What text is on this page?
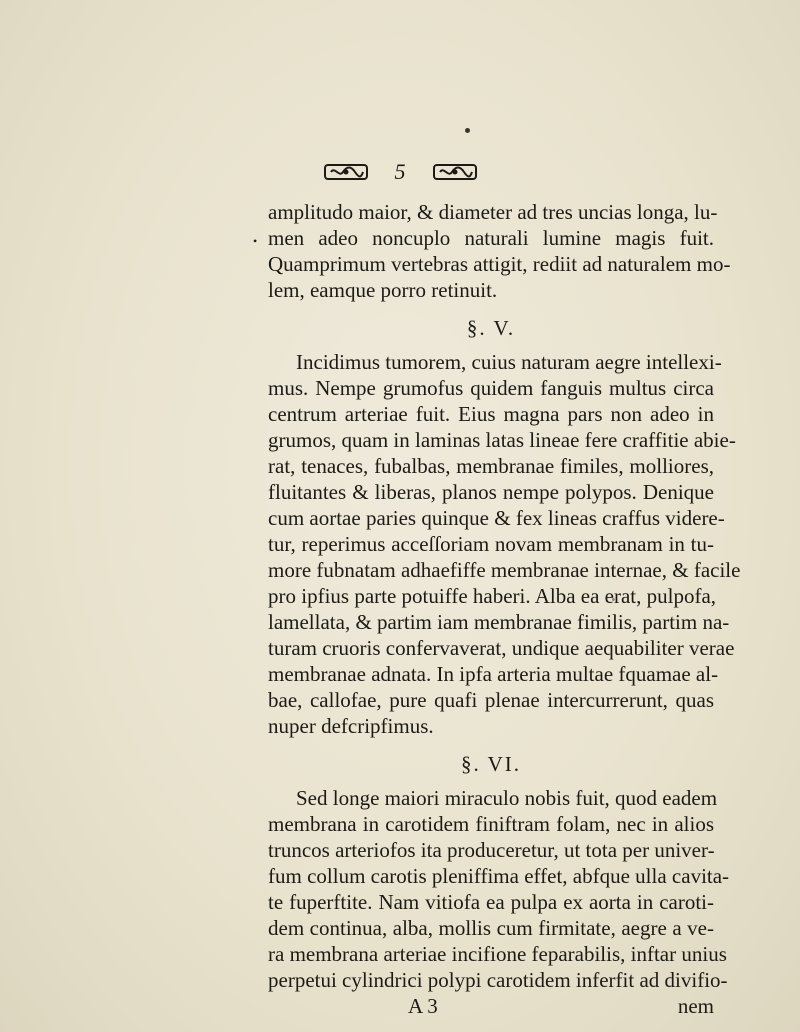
5
•
amplitudo maior, & diameter ad tres uncias longa, lu-
men adeo noncuplo naturali lumine magis fuit.
Quamprimum vertebras attigit, rediit ad naturalem mo-
lem, eamque porro retinuit.
§. V.
Incidimus tumorem, cuius naturam aegre intellexi-
mus. Nempe grumofus quidem fanguis multus circa
centrum arteriae fuit. Eius magna pars non adeo in
grumos, quam in laminas latas lineae fere craffitie abie-
rat, tenaces, fubalbas, membranae fimiles, molliores,
fluitantes & liberas, planos nempe polypos. Denique
cum aortae paries quinque & fex lineas craffus videre-
tur, reperimus acceſſoriam novam membranam in tu-
more fubnatam adhaefiffe membranae internae, & facile
pro ipfius parte potuiffe haberi. Alba ea erat, pulpofa,
lamellata, & partim iam membranae fimilis, partim na-
turam cruoris confervaverat, undique aequabiliter verae
membranae adnata. In ipfa arteria multae fquamae al-
bae, callofae, pure quafi plenae intercurrerunt, quas
nuper defcripfimus.
§. VI.
Sed longe maiori miraculo nobis fuit, quod eadem
membrana in carotidem finiftram folam, nec in alios
truncos arteriofos ita produceretur, ut tota per univer-
fum collum carotis pleniffima effet, abfque ulla cavita-
te fuperftite. Nam vitiofa ea pulpa ex aorta in caroti-
dem continua, alba, mollis cum firmitate, aegre a ve-
ra membrana arteriae incifione feparabilis, inftar unius
perpetui cylindrici polypi carotidem inferfit ad divifio-
A 3	nem
